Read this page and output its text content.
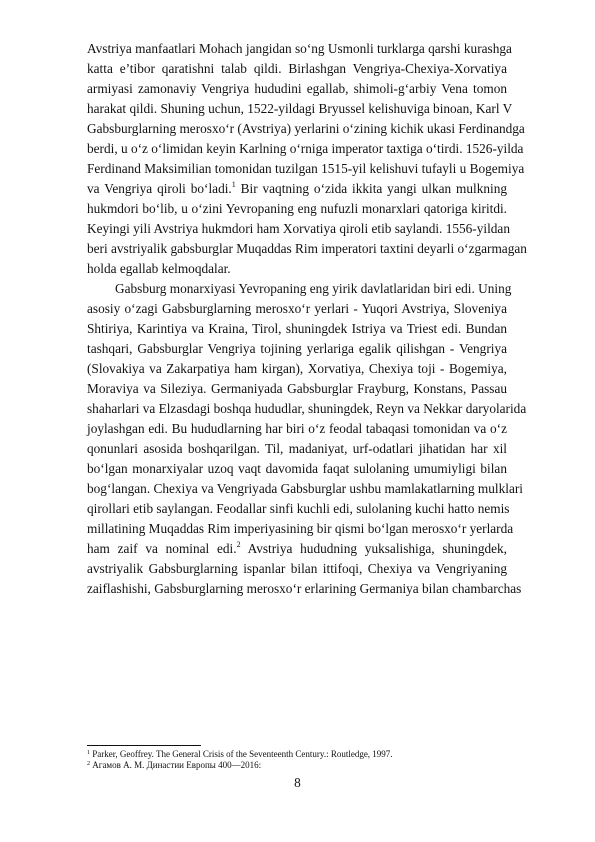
Avstriya manfaatlari Mohach jangidan so‘ng Usmonli turklarga qarshi kurashga
katta e’tibor qaratishni talab qildi. Birlashgan Vengriya-Chexiya-Xorvatiya
armiyasi zamonaviy Vengriya hududini egallab, shimoli-g‘arbiy Vena tomon
harakat qildi. Shuning uchun, 1522-yildagi Bryussel kelishuviga binoan, Karl V
Gabsburglarning merosxo‘r (Avstriya) yerlarini o‘zining kichik ukasi Ferdinandga
berdi, u o‘z o‘limidan keyin Karlning o‘rniga imperator taxtiga o‘tirdi. 1526-yilda
Ferdinand Maksimilian tomonidan tuzilgan 1515-yil kelishuvi tufayli u Bogemiya
va Vengriya qiroli bo‘ladi.$^1$ Bir vaqtning o‘zida ikkita yangi ulkan mulkning
hukmdori bo‘lib, u o‘zini Yevropaning eng nufuzli monarxlari qatoriga kiritdi.
Keyingi yili Avstriya hukmdori ham Xorvatiya qiroli etib saylandi. 1556-yildan
beri avstriyalik gabsburglar Muqaddas Rim imperatori taxtini deyarli o‘zgarmagan
holda egallab kelmoqdalar.
Gabsburg monarxiyasi Yevropaning eng yirik davlatlaridan biri edi. Uning
asosiy o‘zagi Gabsburglarning merosxo‘r yerlari - Yuqori Avstriya, Sloveniya
Shtiriya, Karintiya va Kraina, Tirol, shuningdek Istriya va Triest edi. Bundan
tashqari, Gabsburglar Vengriya tojining yerlariga egalik qilishgan - Vengriya
(Slovakiya va Zakarpatiya ham kirgan), Xorvatiya, Chexiya toji - Bogemiya,
Moraviya va Sileziya. Germaniyada Gabsburglar Frayburg, Konstans, Passau
shaharlari va Elzasdagi boshqa hududlar, shuningdek, Reyn va Nekkar daryolarida
joylashgan edi. Bu hududlarning har biri o‘z feodal tabaqasi tomonidan va o‘z
qonunlari asosida boshqarilgan. Til, madaniyat, urf-odatlari jihatidan har xil
bo‘lgan monarxiyalar uzoq vaqt davomida faqat sulolaning umumiyligi bilan
bog‘langan. Chexiya va Vengriyada Gabsburglar ushbu mamlakatlarning mulklari
qirollari etib saylangan. Feodallar sinfi kuchli edi, sulolaning kuchi hatto nemis
millatining Muqaddas Rim imperiyasining bir qismi bo‘lgan merosxo‘r yerlarda
ham zaif va nominal edi.$^2$ Avstriya hududning yuksalishiga, shuningdek,
avstriyalik Gabsburglarning ispanlar bilan ittifoqi, Chexiya va Vengriyaning
zaiflashishi, Gabsburglarning merosxo‘r erlarining Germaniya bilan chambarchas
$^1$ Parker, Geoffrey. The General Crisis of the Seventeenth Century.: Routledge, 1997.
$^2$ Агамов А. М. Династии Европы 400—2016:
8
